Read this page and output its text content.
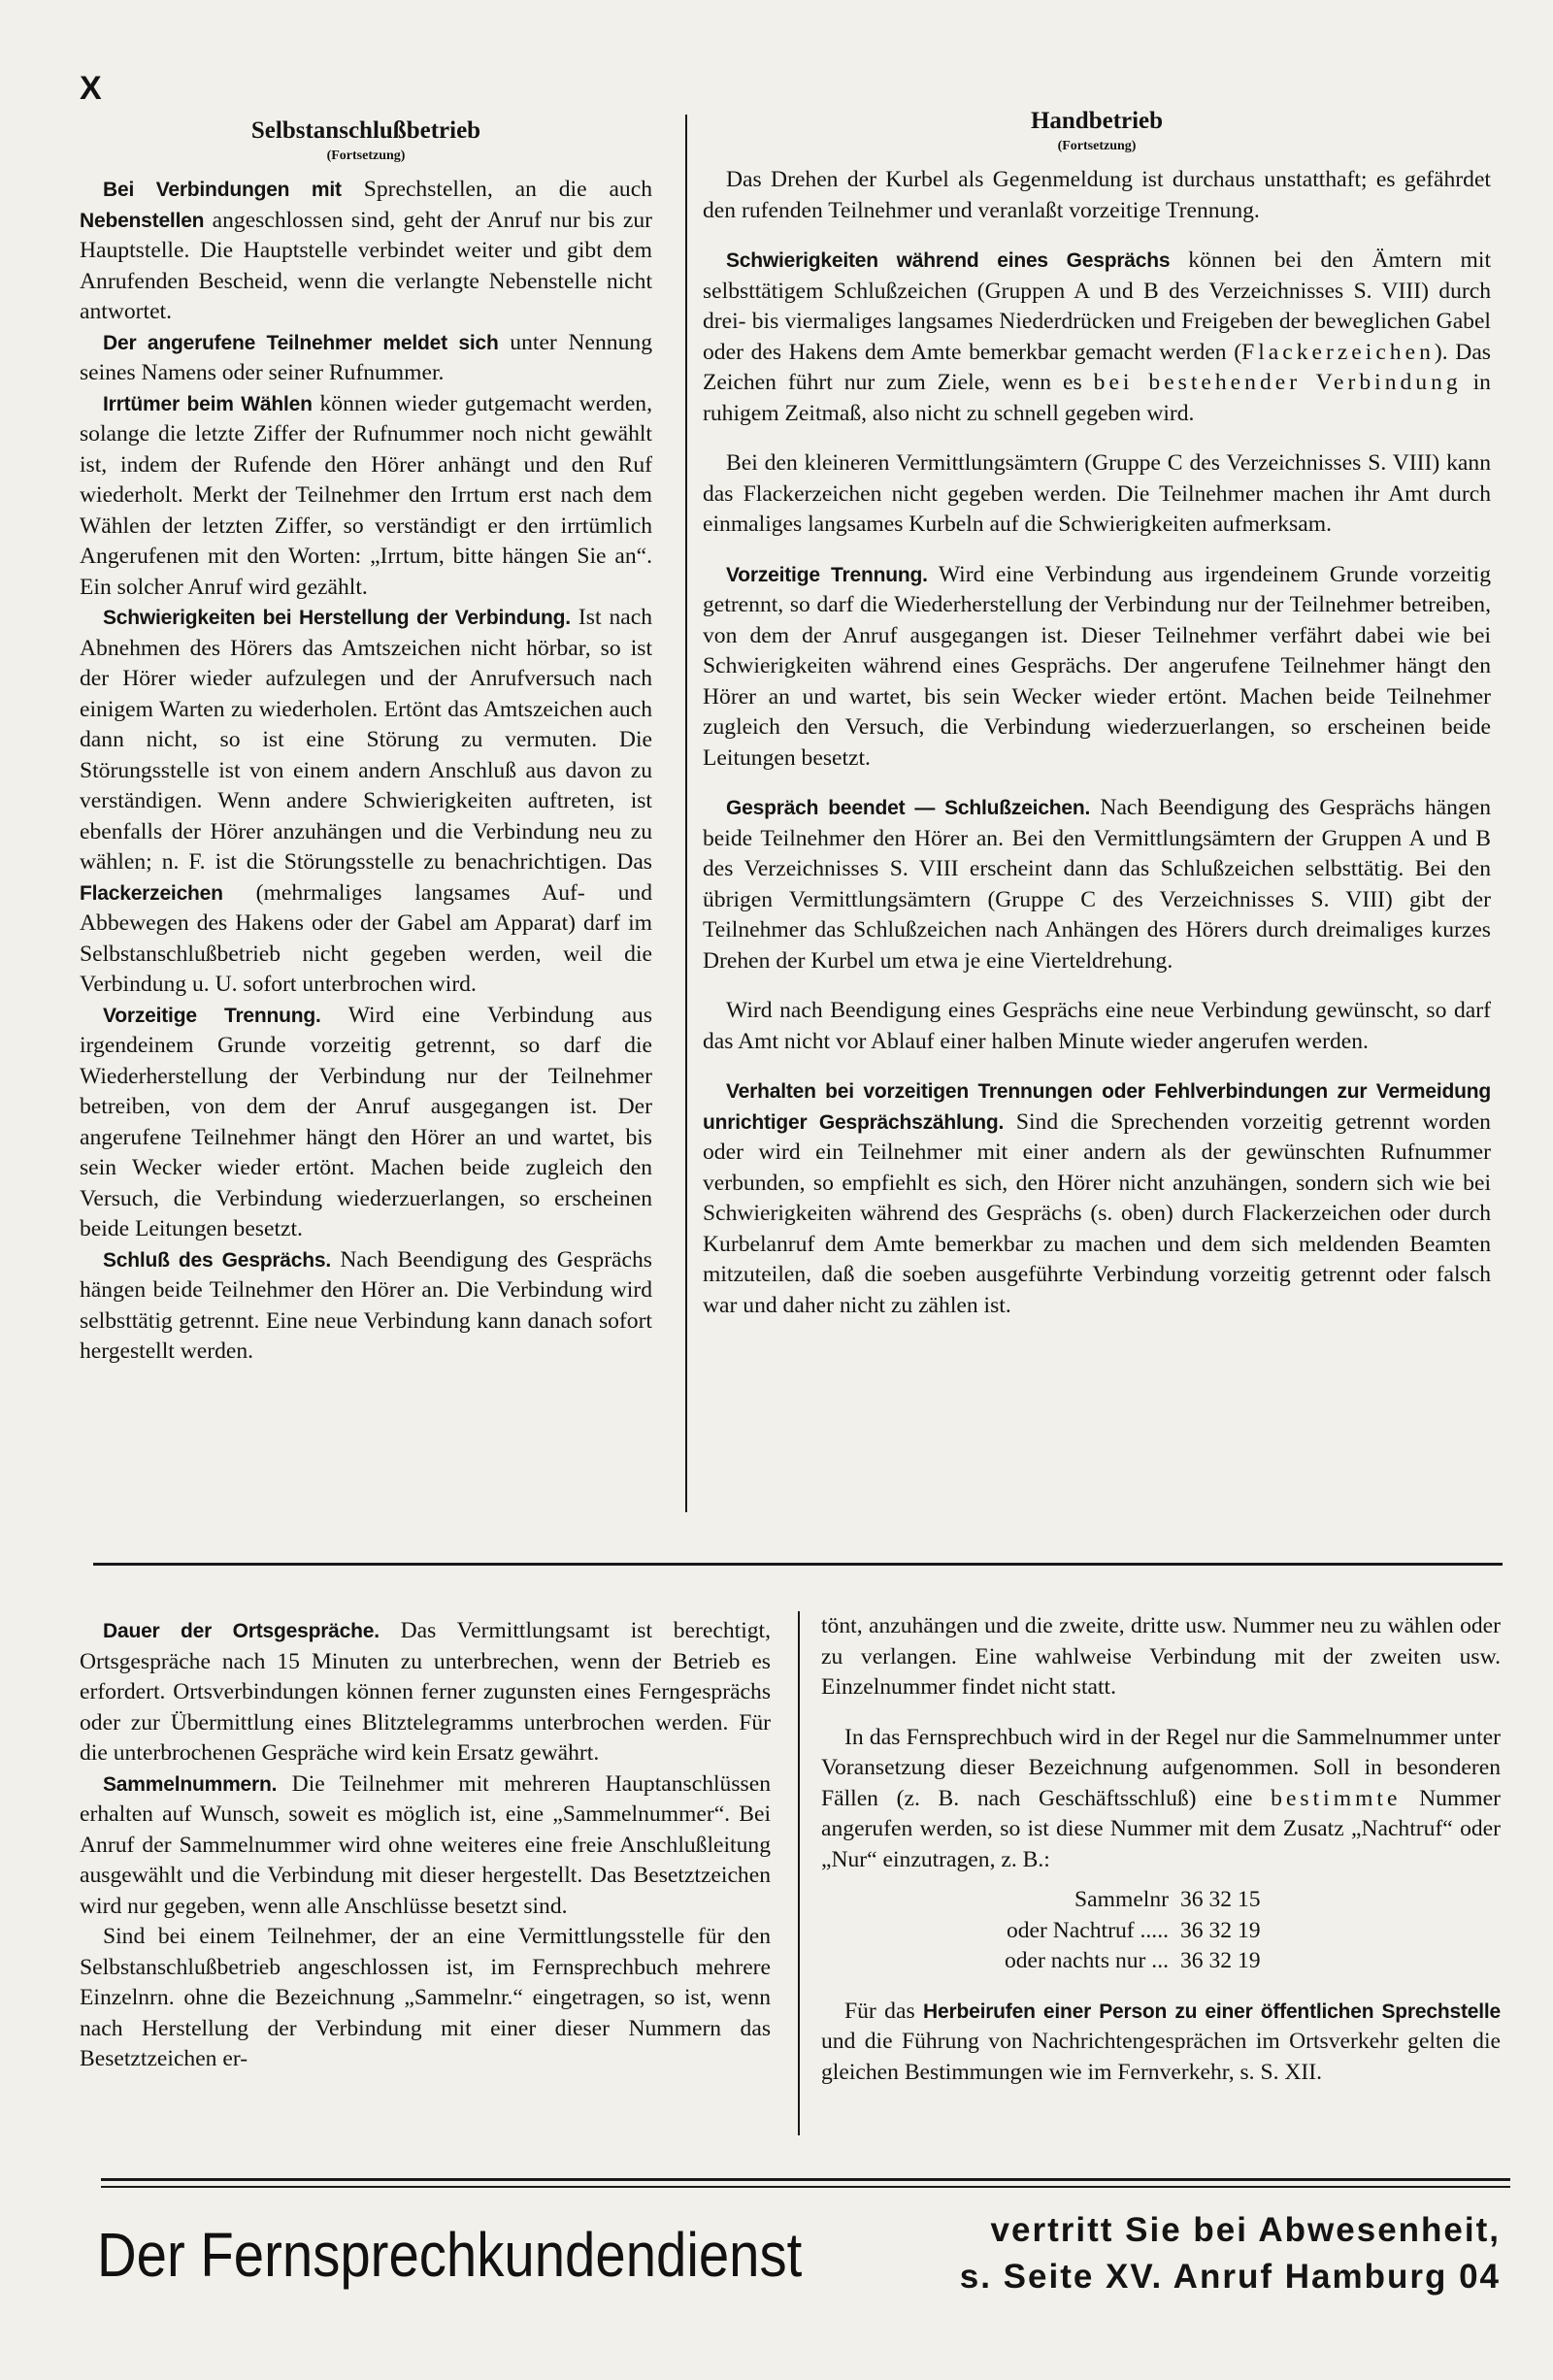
X

Selbstanschlußbetrieb

(Fortsetzung)

Bei Verbindungen mit Sprechstellen, an die auch Nebenstellen angeschlossen sind, geht der Anruf nur bis zur Hauptstelle. Die Hauptstelle verbindet weiter und gibt dem Anrufenden Bescheid, wenn die verlangte Nebenstelle nicht antwortet.

Der angerufene Teilnehmer meldet sich unter Nennung seines Namens oder seiner Rufnummer.

Irrtümer beim Wählen können wieder gutgemacht werden, solange die letzte Ziffer der Rufnummer noch nicht gewählt ist, indem der Rufende den Hörer anhängt und den Ruf wiederholt. Merkt der Teilnehmer den Irrtum erst nach dem Wählen der letzten Ziffer, so verständigt er den irrtümlich Angerufenen mit den Worten: „Irrtum, bitte hängen Sie an“. Ein solcher Anruf wird gezählt.

Schwierigkeiten bei Herstellung der Verbindung. Ist nach Abnehmen des Hörers das Amtszeichen nicht hörbar, so ist der Hörer wieder aufzulegen und der Anrufversuch nach einigem Warten zu wiederholen. Ertönt das Amtszeichen auch dann nicht, so ist eine Störung zu vermuten. Die Störungsstelle ist von einem andern Anschluß aus davon zu verständigen. Wenn andere Schwierigkeiten auftreten, ist ebenfalls der Hörer anzuhängen und die Verbindung neu zu wählen; n. F. ist die Störungsstelle zu benachrichtigen. Das Flackerzeichen (mehrmaliges langsames Auf- und Abbewegen des Hakens oder der Gabel am Apparat) darf im Selbstanschlußbetrieb nicht gegeben werden, weil die Verbindung u. U. sofort unterbrochen wird.

Vorzeitige Trennung. Wird eine Verbindung aus irgendeinem Grunde vorzeitig getrennt, so darf die Wiederherstellung der Verbindung nur der Teilnehmer betreiben, von dem der Anruf ausgegangen ist. Der angerufene Teilnehmer hängt den Hörer an und wartet, bis sein Wecker wieder ertönt. Machen beide zugleich den Versuch, die Verbindung wiederzuerlangen, so erscheinen beide Leitungen besetzt.

Schluß des Gesprächs. Nach Beendigung des Gesprächs hängen beide Teilnehmer den Hörer an. Die Verbindung wird selbsttätig getrennt. Eine neue Verbindung kann danach sofort hergestellt werden.

Handbetrieb

(Fortsetzung)

Das Drehen der Kurbel als Gegenmeldung ist durchaus unstatthaft; es gefährdet den rufenden Teilnehmer und veranlaßt vorzeitige Trennung.

Schwierigkeiten während eines Gesprächs können bei den Ämtern mit selbsttätigem Schlußzeichen (Gruppen A und B des Verzeichnisses S. VIII) durch drei- bis viermaliges langsames Niederdrücken und Freigeben der beweglichen Gabel oder des Hakens dem Amte bemerkbar gemacht werden (Flackerzeichen). Das Zeichen führt nur zum Ziele, wenn es bei bestehender Verbindung in ruhigem Zeitmaß, also nicht zu schnell gegeben wird.

Bei den kleineren Vermittlungsämtern (Gruppe C des Verzeichnisses S. VIII) kann das Flackerzeichen nicht gegeben werden. Die Teilnehmer machen ihr Amt durch einmaliges langsames Kurbeln auf die Schwierigkeiten aufmerksam.

Vorzeitige Trennung. Wird eine Verbindung aus irgendeinem Grunde vorzeitig getrennt, so darf die Wiederherstellung der Verbindung nur der Teilnehmer betreiben, von dem der Anruf ausgegangen ist. Dieser Teilnehmer verfährt dabei wie bei Schwierigkeiten während eines Gesprächs. Der angerufene Teilnehmer hängt den Hörer an und wartet, bis sein Wecker wieder ertönt. Machen beide Teilnehmer zugleich den Versuch, die Verbindung wiederzuerlangen, so erscheinen beide Leitungen besetzt.

Gespräch beendet — Schlußzeichen. Nach Beendigung des Gesprächs hängen beide Teilnehmer den Hörer an. Bei den Vermittlungsämtern der Gruppen A und B des Verzeichnisses S. VIII erscheint dann das Schlußzeichen selbsttätig. Bei den übrigen Vermittlungsämtern (Gruppe C des Verzeichnisses S. VIII) gibt der Teilnehmer das Schlußzeichen nach Anhängen des Hörers durch dreimaliges kurzes Drehen der Kurbel um etwa je eine Vierteldrehung.

Wird nach Beendigung eines Gesprächs eine neue Verbindung gewünscht, so darf das Amt nicht vor Ablauf einer halben Minute wieder angerufen werden.

Verhalten bei vorzeitigen Trennungen oder Fehlverbindungen zur Vermeidung unrichtiger Gesprächszählung. Sind die Sprechenden vorzeitig getrennt worden oder wird ein Teilnehmer mit einer andern als der gewünschten Rufnummer verbunden, so empfiehlt es sich, den Hörer nicht anzuhängen, sondern sich wie bei Schwierigkeiten während des Gesprächs (s. oben) durch Flackerzeichen oder durch Kurbelanruf dem Amte bemerkbar zu machen und dem sich meldenden Beamten mitzuteilen, daß die soeben ausgeführte Verbindung vorzeitig getrennt oder falsch war und daher nicht zu zählen ist.

Dauer der Ortsgespräche. Das Vermittlungsamt ist berechtigt, Ortsgespräche nach 15 Minuten zu unterbrechen, wenn der Betrieb es erfordert. Ortsverbindungen können ferner zugunsten eines Ferngesprächs oder zur Übermittlung eines Blitztelegramms unterbrochen werden. Für die unterbrochenen Gespräche wird kein Ersatz gewährt.

Sammelnummern. Die Teilnehmer mit mehreren Hauptanschlüssen erhalten auf Wunsch, soweit es möglich ist, eine „Sammelnummer“. Bei Anruf der Sammelnummer wird ohne weiteres eine freie Anschlußleitung ausgewählt und die Verbindung mit dieser hergestellt. Das Besetztzeichen wird nur gegeben, wenn alle Anschlüsse besetzt sind.

Sind bei einem Teilnehmer, der an eine Vermittlungsstelle für den Selbstanschlußbetrieb angeschlossen ist, im Fernsprechbuch mehrere Einzelnrn. ohne die Bezeichnung „Sammelnr.“ eingetragen, so ist, wenn nach Herstellung der Verbindung mit einer dieser Nummern das Besetztzeichen er-

tönt, anzuhängen und die zweite, dritte usw. Nummer neu zu wählen oder zu verlangen. Eine wahlweise Verbindung mit der zweiten usw. Einzelnummer findet nicht statt.

In das Fernsprechbuch wird in der Regel nur die Sammelnummer unter Voransetzung dieser Bezeichnung aufgenommen. Soll in besonderen Fällen (z. B. nach Geschäftsschluß) eine bestimmte Nummer angerufen werden, so ist diese Nummer mit dem Zusatz „Nachtruf“ oder „Nur“ einzutragen, z. B.:

Sammelnr 36 32 15
oder Nachtruf ..... 36 32 19
oder nachts nur ... 36 32 19

Für das Herbeirufen einer Person zu einer öffentlichen Sprechstelle und die Führung von Nachrichtengesprächen im Ortsverkehr gelten die gleichen Bestimmungen wie im Fernverkehr, s. S. XII.

Der Fernsprechkundendienst	vertritt Sie bei Abwesenheit,
s. Seite XV. Anruf Hamburg 04
